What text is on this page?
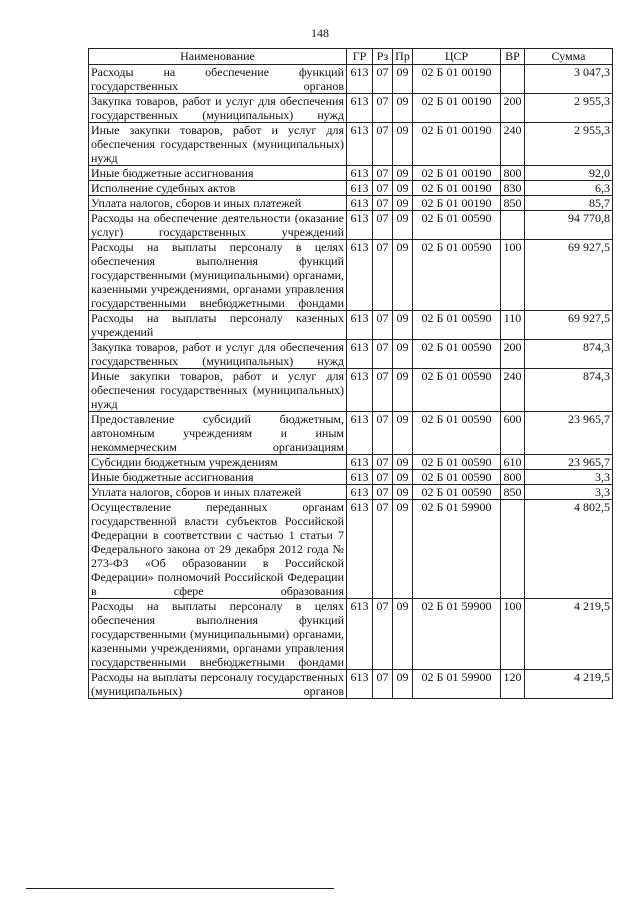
148
Наименование	ГР	Рз	Пр	ЦСР	ВР	Сумма
Расходы на обеспечение функций государственных органов	613	07	09	02 Б 01 00190		3 047,3
Закупка товаров, работ и услуг для обеспечения государственных (муниципальных) нужд	613	07	09	02 Б 01 00190	200	2 955,3
Иные закупки товаров, работ и услуг для обеспечения государственных (муниципальных) нужд	613	07	09	02 Б 01 00190	240	2 955,3
Иные бюджетные ассигнования	613	07	09	02 Б 01 00190	800	92,0
Исполнение судебных актов	613	07	09	02 Б 01 00190	830	6,3
Уплата налогов, сборов и иных платежей	613	07	09	02 Б 01 00190	850	85,7
Расходы на обеспечение деятельности (оказание услуг) государственных учреждений	613	07	09	02 Б 01 00590		94 770,8
Расходы на выплаты персоналу в целях обеспечения выполнения функций государственными (муниципальными) органами, казенными учреждениями, органами управления государственными внебюджетными фондами	613	07	09	02 Б 01 00590	100	69 927,5
Расходы на выплаты персоналу казенных учреждений	613	07	09	02 Б 01 00590	110	69 927,5
Закупка товаров, работ и услуг для обеспечения государственных (муниципальных) нужд	613	07	09	02 Б 01 00590	200	874,3
Иные закупки товаров, работ и услуг для обеспечения государственных (муниципальных) нужд	613	07	09	02 Б 01 00590	240	874,3
Предоставление субсидий бюджетным, автономным учреждениям и иным некоммерческим организациям	613	07	09	02 Б 01 00590	600	23 965,7
Субсидии бюджетным учреждениям	613	07	09	02 Б 01 00590	610	23 965,7
Иные бюджетные ассигнования	613	07	09	02 Б 01 00590	800	3,3
Уплата налогов, сборов и иных платежей	613	07	09	02 Б 01 00590	850	3,3
Осуществление переданных органам государственной власти субъектов Российской Федерации в соответствии с частью 1 статьи 7 Федерального закона от 29 декабря 2012 года № 273-ФЗ «Об образовании в Российской Федерации» полномочий Российской Федерации в сфере образования	613	07	09	02 Б 01 59900		4 802,5
Расходы на выплаты персоналу в целях обеспечения выполнения функций государственными (муниципальными) органами, казенными учреждениями, органами управления государственными внебюджетными фондами	613	07	09	02 Б 01 59900	100	4 219,5
Расходы на выплаты персоналу государственных (муниципальных) органов	613	07	09	02 Б 01 59900	120	4 219,5
